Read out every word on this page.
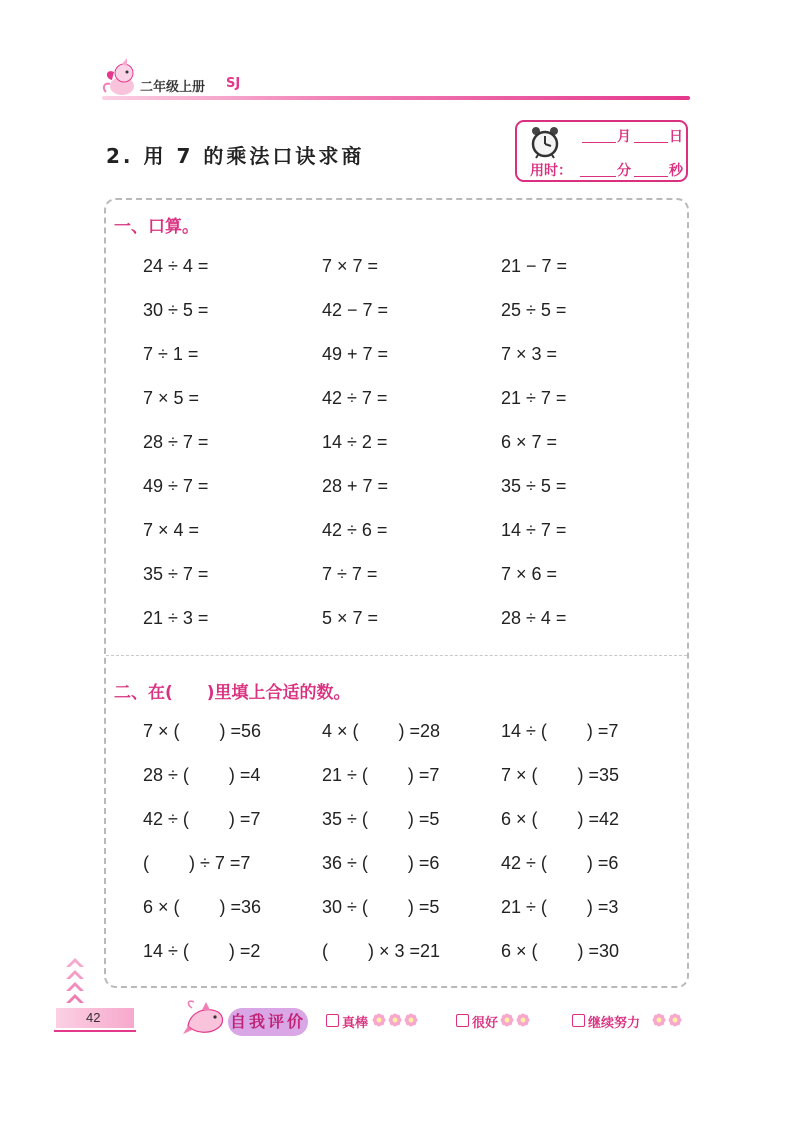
二年级上册 SJ
2. 用 7 的乘法口诀求商
月	日
用时：	分	秒
一、口算。
24 ÷ 4 =	7 × 7 =	21 − 7 =
30 ÷ 5 =	42 − 7 =	25 ÷ 5 =
7 ÷ 1 =	49 + 7 =	7 × 3 =
7 × 5 =	42 ÷ 7 =	21 ÷ 7 =
28 ÷ 7 =	14 ÷ 2 =	6 × 7 =
49 ÷ 7 =	28 + 7 =	35 ÷ 5 =
7 × 4 =	42 ÷ 6 =	14 ÷ 7 =
35 ÷ 7 =	7 ÷ 7 =	7 × 6 =
21 ÷ 3 =	5 × 7 =	28 ÷ 4 =
二、在(　　)里填上合适的数。
7 × (        ) =56	4 × (        ) =28	14 ÷ (        ) =7
28 ÷ (        ) =4	21 ÷ (        ) =7	7 × (        ) =35
42 ÷ (        ) =7	35 ÷ (        ) =5	6 × (        ) =42
(        ) ÷ 7 =7	36 ÷ (        ) =6	42 ÷ (        ) =6
6 × (        ) =36	30 ÷ (        ) =5	21 ÷ (        ) =3
14 ÷ (        ) =2	(        ) × 3 =21	6 × (        ) =30
42	自我评价	真棒	很好	继续努力
